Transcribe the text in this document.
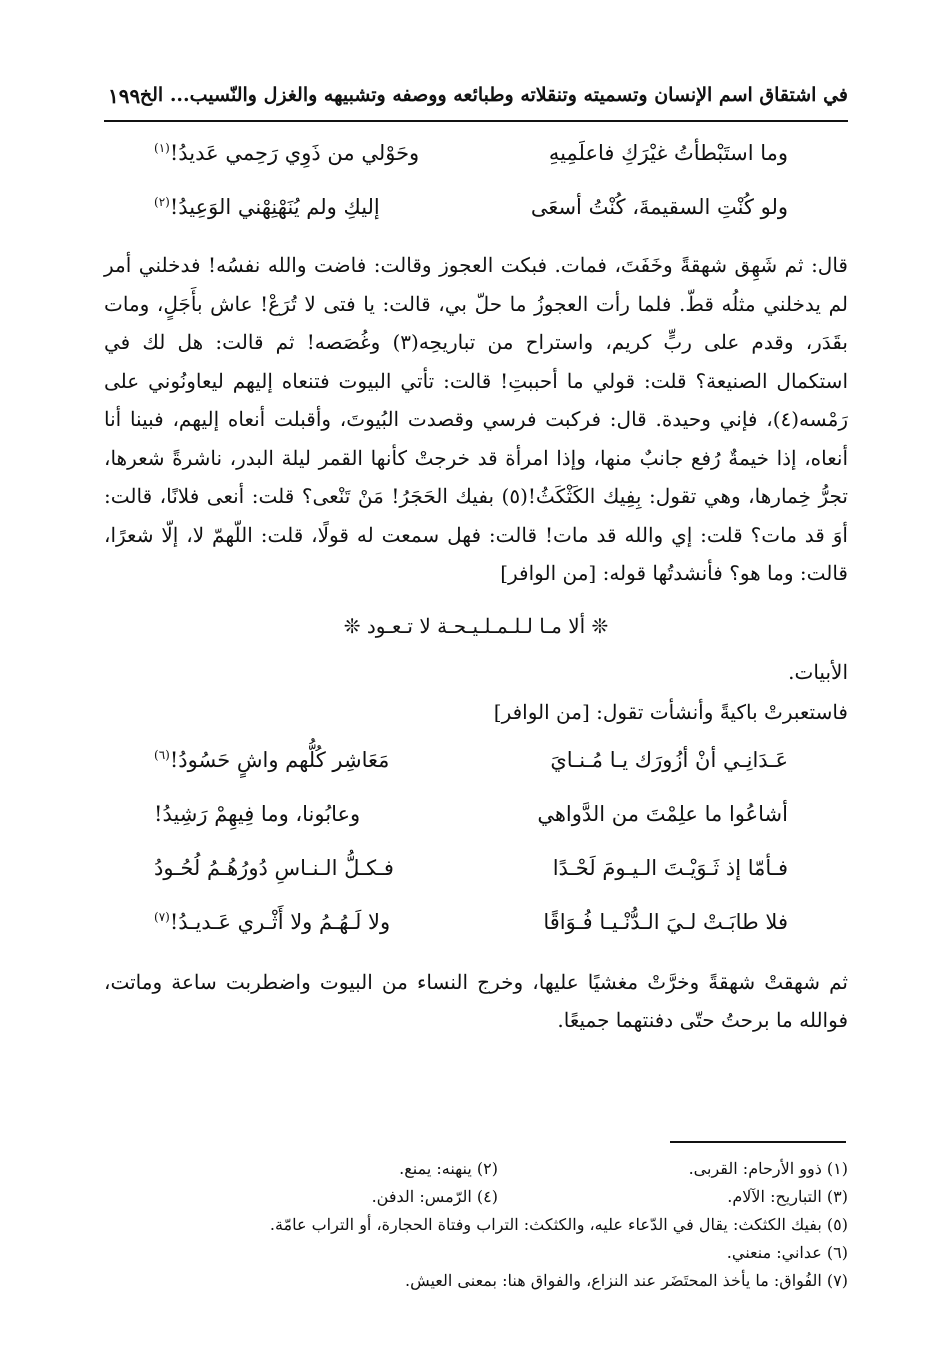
في اشتقاق اسم الإنسان وتسميته وتنقلاته وطبائعه ووصفه وتشبيهه والغزل والنّسيب... الخ
١٩٩
وما استَبْطأتُ غيْرَكِ فاعلَمِيهِ
وحَوْلي من ذَوِي رَحِمي عَديدُ!$^{(١)}$
ولو كُنْتِ السقيمةَ، كُنْتُ أسعَى
إليكِ ولم يُنَهْنِهْني الوَعِيدُ!$^{(٢)}$

قال: ثم شَهِق شهقةً وخَفَتَ، فمات. فبكت العجوز وقالت: فاضت والله نفسُه! فدخلني أمر لم يدخلني مثلُه قطّ. فلما رأت العجوزُ ما حلّ بي، قالت: يا فتى لا تُرَعْ! عاش بأَجَلٍ، ومات بقَدَر، وقدم على ربٍّ كريم، واستراح من تباريحِه(٣) وغُصَصه! ثم قالت: هل لك في استكمال الصنيعة؟ قلت: قولي ما أحببتِ! قالت: تأتي البيوت فتنعاه إليهم ليعاونُوني على رَمْسه(٤)، فإني وحيدة. قال: فركبت فرسي وقصدت البُيوتَ، وأقبلت أنعاه إليهم، فبينا أنا أنعاه، إذا خيمةٌ رُفع جانبٌ منها، وإذا امرأة قد خرجتْ كأنها القمر ليلة البدر، ناشرةً شعرها، تجرُّ خِمارها، وهي تقول: بِفِيك الكَثْكَثُ!(٥) بفيك الحَجَرُ! مَنْ تَنْعى؟ قلت: أنعى فلانًا، قالت: أوَ قد مات؟ قلت: إي والله قد مات! قالت: فهل سمعت له قولًا، قلت: اللّهمّ لا، إلّا شعرًا، قالت: وما هو؟ فأنشدتُها قوله: [من الوافر]

❊ ألا مـا لـلـمـلـيـحـة لا تـعـود ❊

الأبيات.

فاستعبرتْ باكيةً وأنشأت تقول: [من الوافر]

عَـدَانِـي أنْ أزُورَك يـا مُـنـايَ
مَعَاشِر كُلُّهم واشٍ حَسُودُ!$^{(٦)}$
أشاعُوا ما علِمْتَ من الدَّواهي
وعابُونا، وما فِيهِمْ رَشِيدُ!
فـأمّا إذ ثَـوَيْـتَ الـيـومَ لَحْـدًا
فـكـلُّ الـنـاسِ دُورُهُـمُ لُحُـودُ
فلا طابَـتْ لـيَ الـدُّنْـيـا فُـوَاقًا
ولا لَـهُـمُ ولا أَثْـري عَـديـدُ!$^{(٧)}$

ثم شهقتْ شهقةً وخرَّتْ مغشيًا عليها، وخرج النساء من البيوت واضطربت ساعة وماتت، فوالله ما برحتُ حتّى دفنتهما جميعًا.

(١) ذوو الأرحام: القربى.
(٢) ينهنه: يمنع.
(٣) التباريح: الآلام.
(٤) الرّمس: الدفن.
(٥) بفيك الكثكث: يقال في الدّعاء عليه، والكثكث: التراب وفتاة الحجارة، أو التراب عامّة.
(٦) عداني: منعني.
(٧) الفُواق: ما يأخذ المحتَضَر عند النزاع، والفواق هنا: بمعنى العيش.
